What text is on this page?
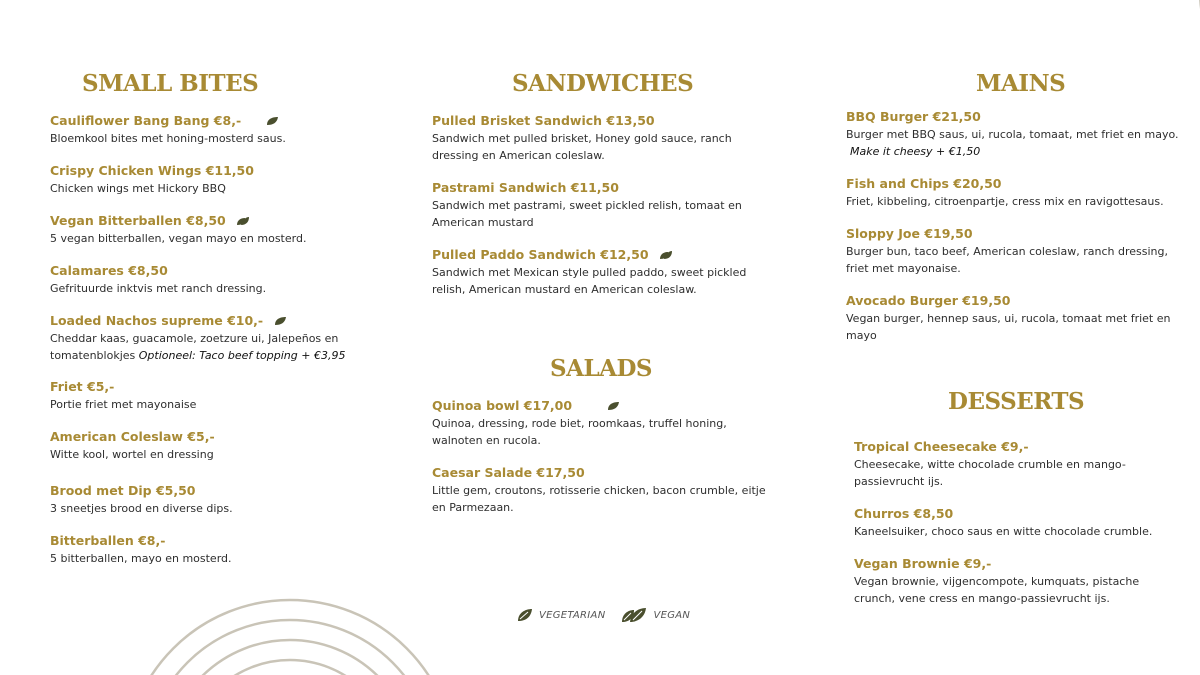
SMALL BITES
Cauliflower Bang Bang €8,-
Bloemkool bites met honing-mosterd saus.
Crispy Chicken Wings €11,50
Chicken wings met Hickory BBQ
Vegan Bitterballen €8,50
5 vegan bitterballen, vegan mayo en mosterd.
Calamares €8,50
Gefrituurde inktvis met ranch dressing.
Loaded Nachos supreme €10,-
Cheddar kaas, guacamole, zoetzure ui, Jalepeños en tomatenblokjes Optioneel: Taco beef topping + €3,95
Friet €5,-
Portie friet met mayonaise
American Coleslaw €5,-
Witte kool, wortel en dressing
Brood met Dip €5,50
3 sneetjes brood en diverse dips.
Bitterballen €8,-
5 bitterballen, mayo en mosterd.
SANDWICHES
Pulled Brisket Sandwich €13,50
Sandwich met pulled brisket, Honey gold sauce, ranch dressing en American coleslaw.
Pastrami Sandwich €11,50
Sandwich met pastrami, sweet pickled relish, tomaat en American mustard
Pulled Paddo Sandwich €12,50
Sandwich met Mexican style pulled paddo, sweet pickled relish, American mustard en American coleslaw.
SALADS
Quinoa bowl €17,00
Quinoa, dressing, rode biet, roomkaas, truffel honing, walnoten en rucola.
Caesar Salade €17,50
Little gem, croutons, rotisserie chicken, bacon crumble, eitje en Parmezaan.
MAINS
BBQ Burger €21,50
Burger met BBQ saus, ui, rucola, tomaat, met friet en mayo.
Make it cheesy + €1,50
Fish and Chips €20,50
Friet, kibbeling, citroenpartje, cress mix en ravigottesaus.
Sloppy Joe €19,50
Burger bun, taco beef, American coleslaw, ranch dressing, friet met mayonaise.
Avocado Burger €19,50
Vegan burger, hennep saus, ui, rucola, tomaat met friet en mayo
DESSERTS
Tropical Cheesecake €9,-
Cheesecake, witte chocolade crumble en mango-passievrucht ijs.
Churros €8,50
Kaneelsuiker, choco saus en witte chocolade crumble.
Vegan Brownie €9,-
Vegan brownie, vijgencompote, kumquats, pistache crunch, vene cress en mango-passievrucht ijs.
VEGETARIAN	VEGAN
